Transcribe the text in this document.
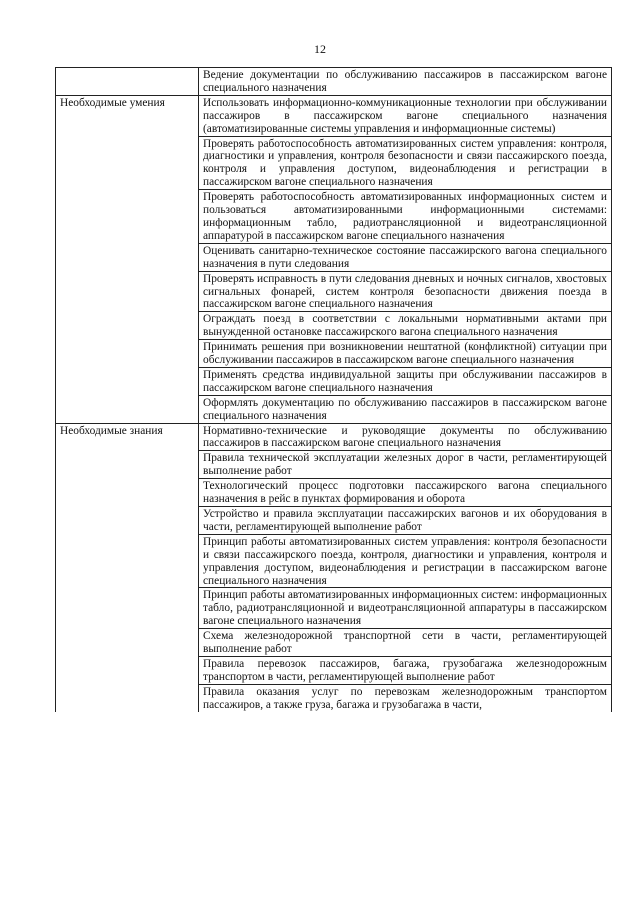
12
	Ведение документации по обслуживанию пассажиров в пассажирском вагоне специального назначения
Необходимые умения	Использовать информационно-коммуникационные технологии при обслуживании пассажиров в пассажирском вагоне специального назначения (автоматизированные системы управления и информационные системы)
	Проверять работоспособность автоматизированных систем управления: контроля, диагностики и управления, контроля безопасности и связи пассажирского поезда, контроля и управления доступом, видеонаблюдения и регистрации в пассажирском вагоне специального назначения
	Проверять работоспособность автоматизированных информационных систем и пользоваться автоматизированными информационными системами: информационным табло, радиотрансляционной и видеотрансляционной аппаратурой в пассажирском вагоне специального назначения
	Оценивать санитарно-техническое состояние пассажирского вагона специального назначения в пути следования
	Проверять исправность в пути следования дневных и ночных сигналов, хвостовых сигнальных фонарей, систем контроля безопасности движения поезда в пассажирском вагоне специального назначения
	Ограждать поезд в соответствии с локальными нормативными актами при вынужденной остановке пассажирского вагона специального назначения
	Принимать решения при возникновении нештатной (конфликтной) ситуации при обслуживании пассажиров в пассажирском вагоне специального назначения
	Применять средства индивидуальной защиты при обслуживании пассажиров в пассажирском вагоне специального назначения
	Оформлять документацию по обслуживанию пассажиров в пассажирском вагоне специального назначения
Необходимые знания	Нормативно-технические и руководящие документы по обслуживанию пассажиров в пассажирском вагоне специального назначения
	Правила технической эксплуатации железных дорог в части, регламентирующей выполнение работ
	Технологический процесс подготовки пассажирского вагона специального назначения в рейс в пунктах формирования и оборота
	Устройство и правила эксплуатации пассажирских вагонов и их оборудования в части, регламентирующей выполнение работ
	Принцип работы автоматизированных систем управления: контроля безопасности и связи пассажирского поезда, контроля, диагностики и управления, контроля и управления доступом, видеонаблюдения и регистрации в пассажирском вагоне специального назначения
	Принцип работы автоматизированных информационных систем: информационных табло, радиотрансляционной и видеотрансляционной аппаратуры в пассажирском вагоне специального назначения
	Схема железнодорожной транспортной сети в части, регламентирующей выполнение работ
	Правила перевозок пассажиров, багажа, грузобагажа железнодорожным транспортом в части, регламентирующей выполнение работ
	Правила оказания услуг по перевозкам железнодорожным транспортом пассажиров, а также груза, багажа и грузобагажа в части,
